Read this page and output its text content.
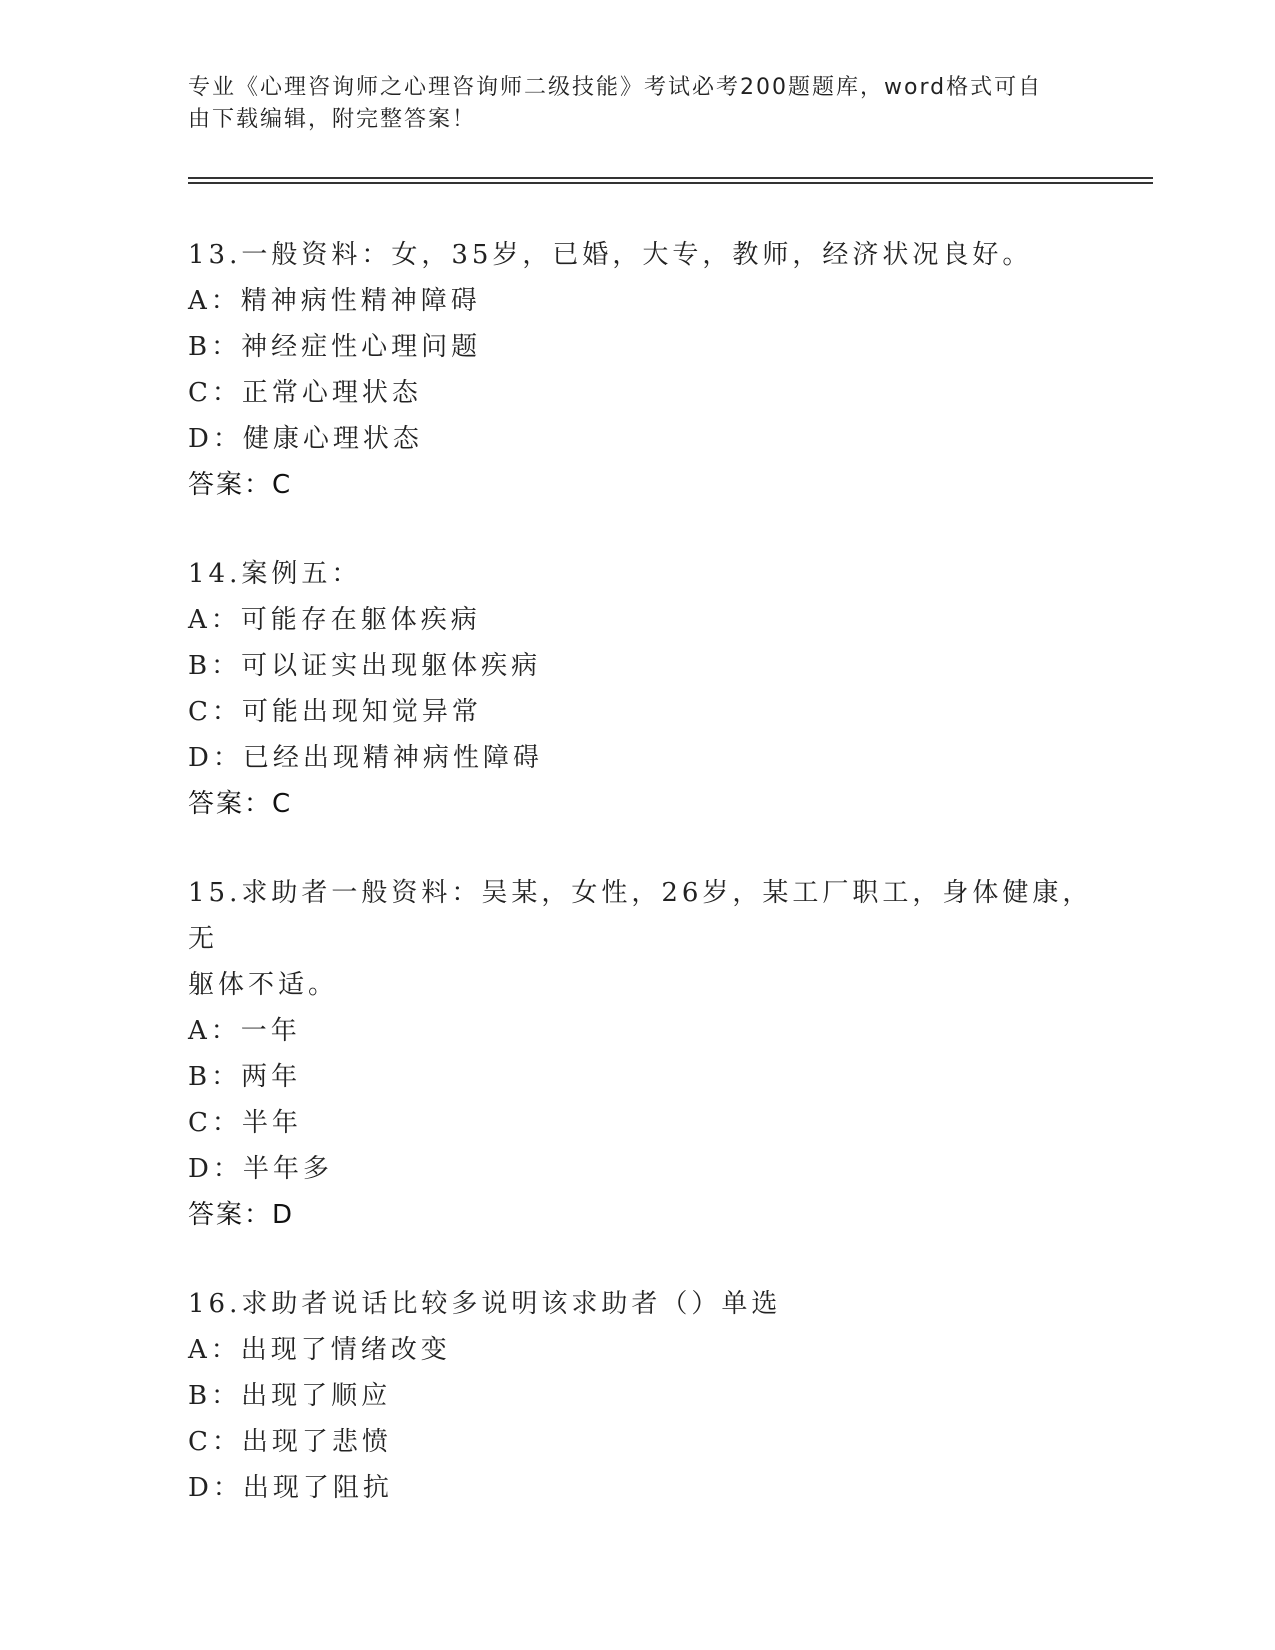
专业《心理咨询师之心理咨询师二级技能》考试必考200题题库，word格式可自
由下载编辑，附完整答案！
13.一般资料：女，35岁，已婚，大专，教师，经济状况良好。
A：精神病性精神障碍
B：神经症性心理问题
C：正常心理状态
D：健康心理状态
答案：C
14.案例五：
A：可能存在躯体疾病
B：可以证实出现躯体疾病
C：可能出现知觉异常
D：已经出现精神病性障碍
答案：C
15.求助者一般资料：吴某，女性，26岁，某工厂职工，身体健康，无
躯体不适。
A：一年
B：两年
C：半年
D：半年多
答案：D
16.求助者说话比较多说明该求助者（）单选
A：出现了情绪改变
B：出现了顺应
C：出现了悲愤
D：出现了阻抗
